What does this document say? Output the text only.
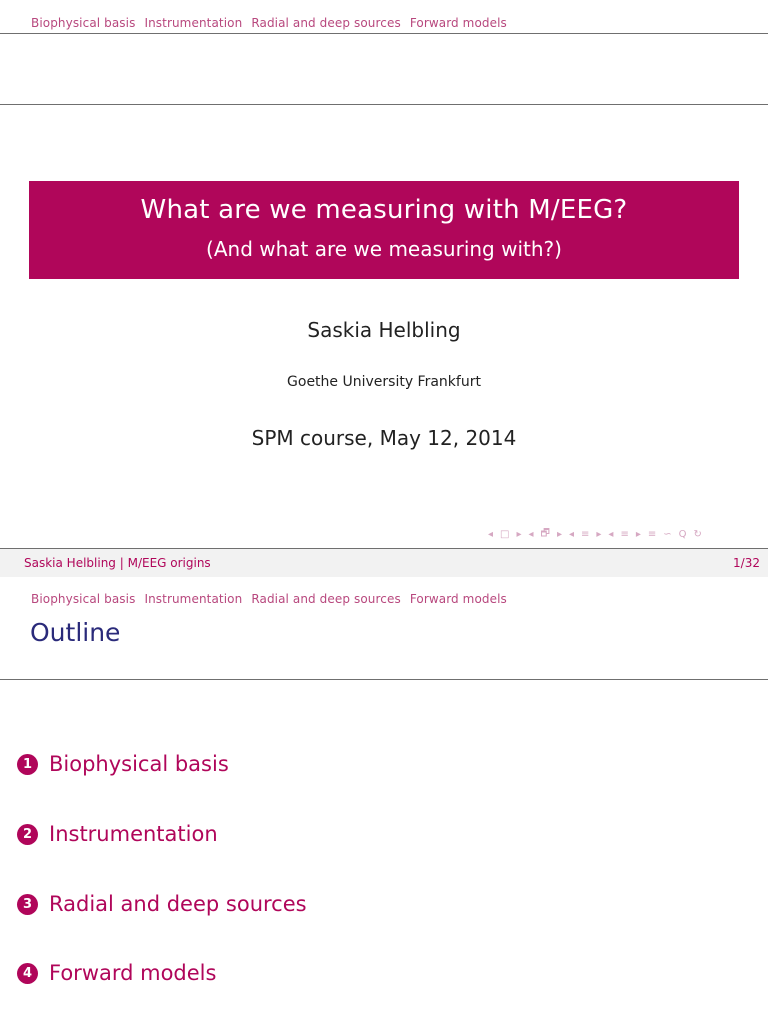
Biophysical basis Instrumentation Radial and deep sources Forward models
What are we measuring with M/EEG?
(And what are we measuring with?)
Saskia Helbling
Goethe University Frankfurt
SPM course, May 12, 2014
◂ □ ▸ ◂ 🗗 ▸ ◂ ≡ ▸ ◂ ≡ ▸ ≡ ∽ Q ↻
Saskia Helbling | M/EEG origins	1/32
Biophysical basis Instrumentation Radial and deep sources Forward models
Outline
1 Biophysical basis
2 Instrumentation
3 Radial and deep sources
4 Forward models
